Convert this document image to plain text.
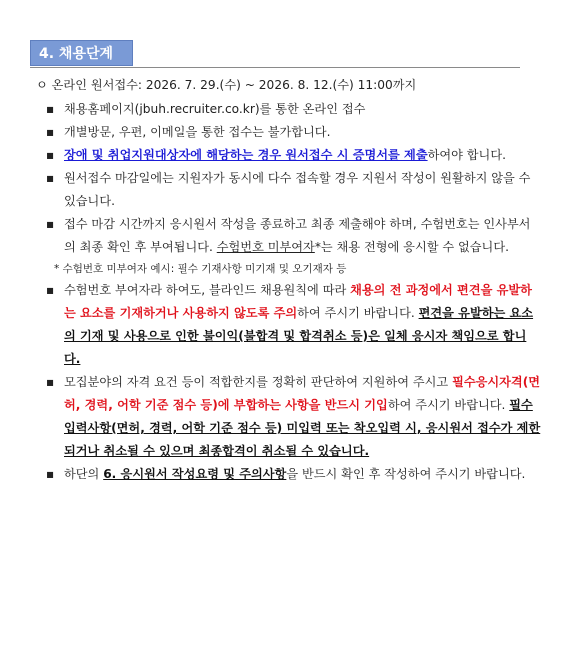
4. 채용단계
ㅇ 온라인 원서접수: 2026. 7. 29.(수) ~ 2026. 8. 12.(수) 11:00까지
▪ 채용홈페이지(jbuh.recruiter.co.kr)를 통한 온라인 접수
▪ 개별방문, 우편, 이메일을 통한 접수는 불가합니다.
▪ 장애 및 취업지원대상자에 해당하는 경우 원서접수 시 증명서를 제출하여야 합니다.
▪ 원서접수 마감일에는 지원자가 동시에 다수 접속할 경우 지원서 작성이 원활하지 않을 수 있습니다.
▪ 접수 마감 시간까지 응시원서 작성을 종료하고 최종 제출해야 하며, 수험번호는 인사부서의 최종 확인 후 부여됩니다. 수험번호 미부여자*는 채용 전형에 응시할 수 없습니다.
* 수험번호 미부여자 예시: 필수 기재사항 미기재 및 오기재자 등
▪ 수험번호 부여자라 하여도, 블라인드 채용원칙에 따라 채용의 전 과정에서 편견을 유발하는 요소를 기재하거나 사용하지 않도록 주의하여 주시기 바랍니다. 편견을 유발하는 요소의 기재 및 사용으로 인한 불이익(불합격 및 합격취소 등)은 일체 응시자 책임으로 합니다.
▪ 모집분야의 자격 요건 등이 적합한지를 정확히 판단하여 지원하여 주시고 필수응시자격(면허, 경력, 어학 기준 점수 등)에 부합하는 사항을 반드시 기입하여 주시기 바랍니다. 필수입력사항(면허, 경력, 어학 기준 점수 등) 미입력 또는 착오입력 시, 응시원서 접수가 제한되거나 취소될 수 있으며 최종합격이 취소될 수 있습니다.
▪ 하단의 6. 응시원서 작성요령 및 주의사항을 반드시 확인 후 작성하여 주시기 바랍니다.
